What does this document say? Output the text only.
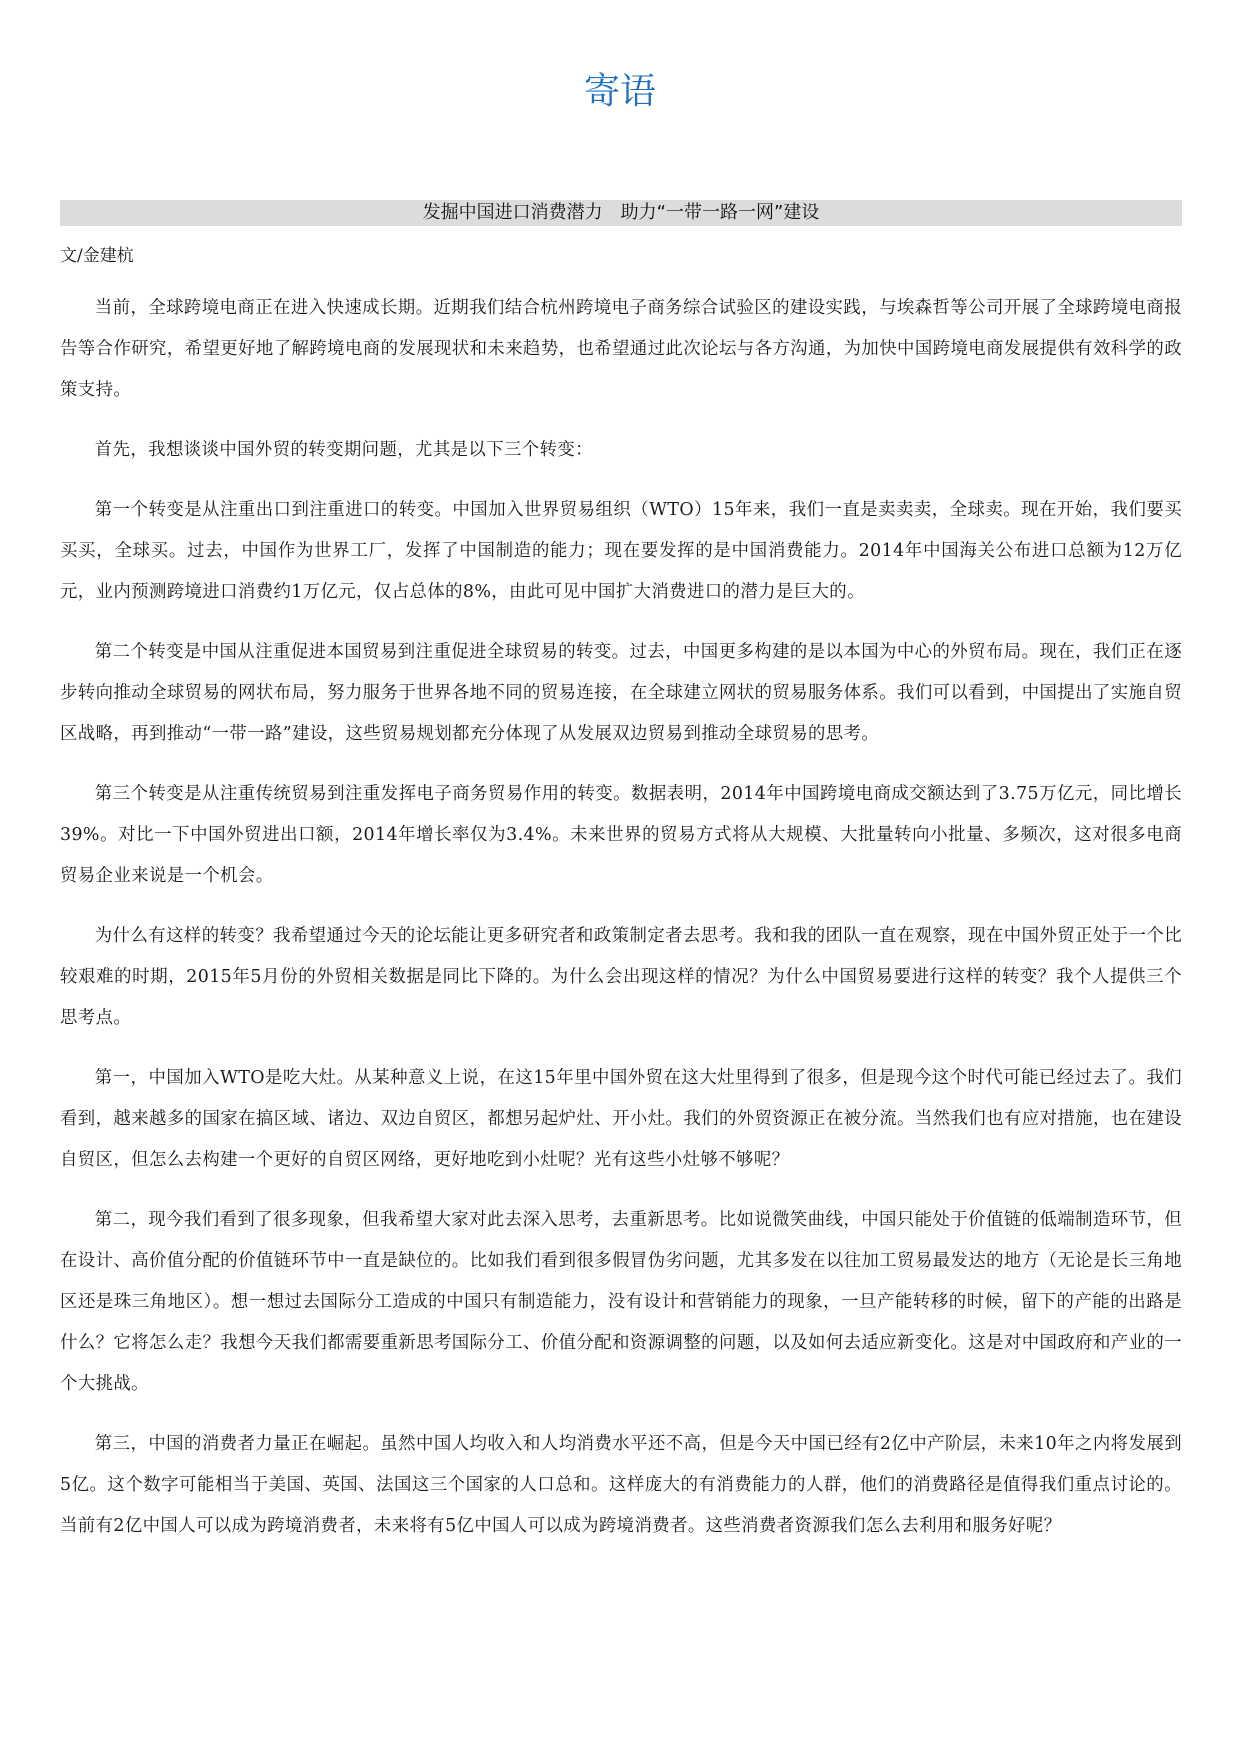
寄语
发掘中国进口消费潜力　助力“一带一路一网”建设
文/金建杭

当前，全球跨境电商正在进入快速成长期。近期我们结合杭州跨境电子商务综合试验区的建设实践，与埃森哲等公司开展了全球跨境电商报告等合作研究，希望更好地了解跨境电商的发展现状和未来趋势，也希望通过此次论坛与各方沟通，为加快中国跨境电商发展提供有效科学的政策支持。

首先，我想谈谈中国外贸的转变期问题，尤其是以下三个转变：

第一个转变是从注重出口到注重进口的转变。中国加入世界贸易组织（WTO）15年来，我们一直是卖卖卖，全球卖。现在开始，我们要买买买，全球买。过去，中国作为世界工厂，发挥了中国制造的能力；现在要发挥的是中国消费能力。2014年中国海关公布进口总额为12万亿元，业内预测跨境进口消费约1万亿元，仅占总体的8%，由此可见中国扩大消费进口的潜力是巨大的。

第二个转变是中国从注重促进本国贸易到注重促进全球贸易的转变。过去，中国更多构建的是以本国为中心的外贸布局。现在，我们正在逐步转向推动全球贸易的网状布局，努力服务于世界各地不同的贸易连接，在全球建立网状的贸易服务体系。我们可以看到，中国提出了实施自贸区战略，再到推动“一带一路”建设，这些贸易规划都充分体现了从发展双边贸易到推动全球贸易的思考。

第三个转变是从注重传统贸易到注重发挥电子商务贸易作用的转变。数据表明，2014年中国跨境电商成交额达到了3.75万亿元，同比增长39%。对比一下中国外贸进出口额，2014年增长率仅为3.4%。未来世界的贸易方式将从大规模、大批量转向小批量、多频次，这对很多电商贸易企业来说是一个机会。

为什么有这样的转变？我希望通过今天的论坛能让更多研究者和政策制定者去思考。我和我的团队一直在观察，现在中国外贸正处于一个比较艰难的时期，2015年5月份的外贸相关数据是同比下降的。为什么会出现这样的情况？为什么中国贸易要进行这样的转变？我个人提供三个思考点。

第一，中国加入WTO是吃大灶。从某种意义上说，在这15年里中国外贸在这大灶里得到了很多，但是现今这个时代可能已经过去了。我们看到，越来越多的国家在搞区域、诸边、双边自贸区，都想另起炉灶、开小灶。我们的外贸资源正在被分流。当然我们也有应对措施，也在建设自贸区，但怎么去构建一个更好的自贸区网络，更好地吃到小灶呢？光有这些小灶够不够呢？

第二，现今我们看到了很多现象，但我希望大家对此去深入思考，去重新思考。比如说微笑曲线，中国只能处于价值链的低端制造环节，但在设计、高价值分配的价值链环节中一直是缺位的。比如我们看到很多假冒伪劣问题，尤其多发在以往加工贸易最发达的地方（无论是长三角地区还是珠三角地区）。想一想过去国际分工造成的中国只有制造能力，没有设计和营销能力的现象，一旦产能转移的时候，留下的产能的出路是什么？它将怎么走？我想今天我们都需要重新思考国际分工、价值分配和资源调整的问题，以及如何去适应新变化。这是对中国政府和产业的一个大挑战。

第三，中国的消费者力量正在崛起。虽然中国人均收入和人均消费水平还不高，但是今天中国已经有2亿中产阶层，未来10年之内将发展到5亿。这个数字可能相当于美国、英国、法国这三个国家的人口总和。这样庞大的有消费能力的人群，他们的消费路径是值得我们重点讨论的。当前有2亿中国人可以成为跨境消费者，未来将有5亿中国人可以成为跨境消费者。这些消费者资源我们怎么去利用和服务好呢？
